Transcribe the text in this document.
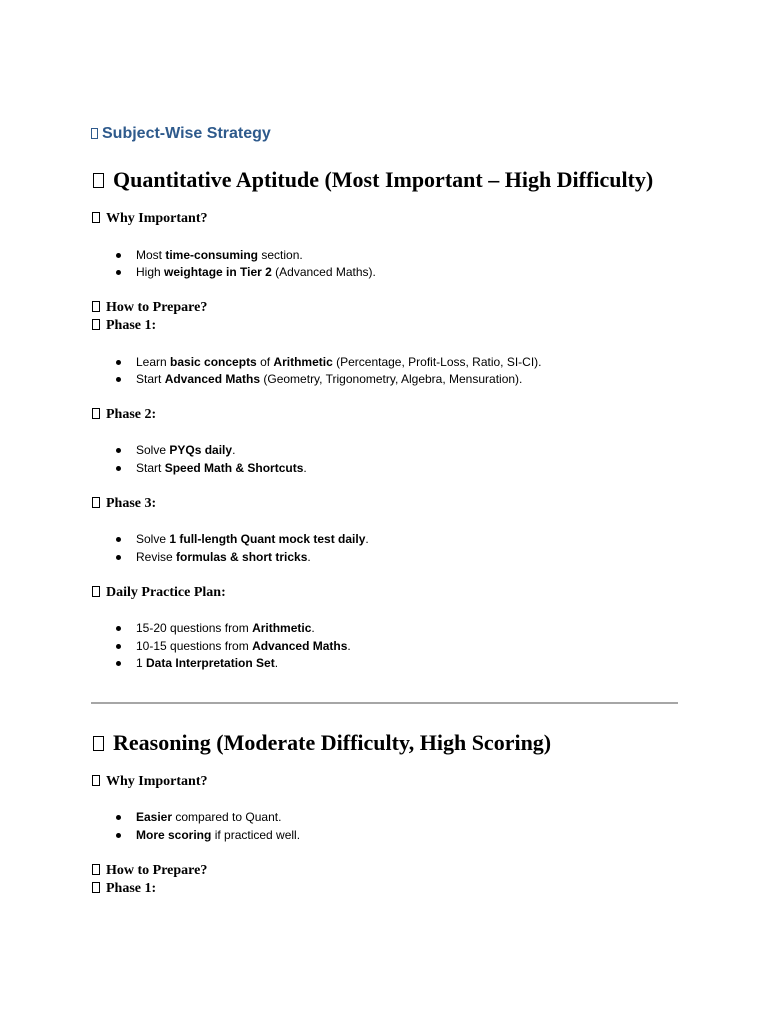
Subject-Wise Strategy
Quantitative Aptitude (Most Important – High Difficulty)
Why Important?
Most time-consuming section.
High weightage in Tier 2 (Advanced Maths).
How to Prepare?
Phase 1:
Learn basic concepts of Arithmetic (Percentage, Profit-Loss, Ratio, SI-CI).
Start Advanced Maths (Geometry, Trigonometry, Algebra, Mensuration).
Phase 2:
Solve PYQs daily.
Start Speed Math & Shortcuts.
Phase 3:
Solve 1 full-length Quant mock test daily.
Revise formulas & short tricks.
Daily Practice Plan:
15-20 questions from Arithmetic.
10-15 questions from Advanced Maths.
1 Data Interpretation Set.
Reasoning (Moderate Difficulty, High Scoring)
Why Important?
Easier compared to Quant.
More scoring if practiced well.
How to Prepare?
Phase 1:
